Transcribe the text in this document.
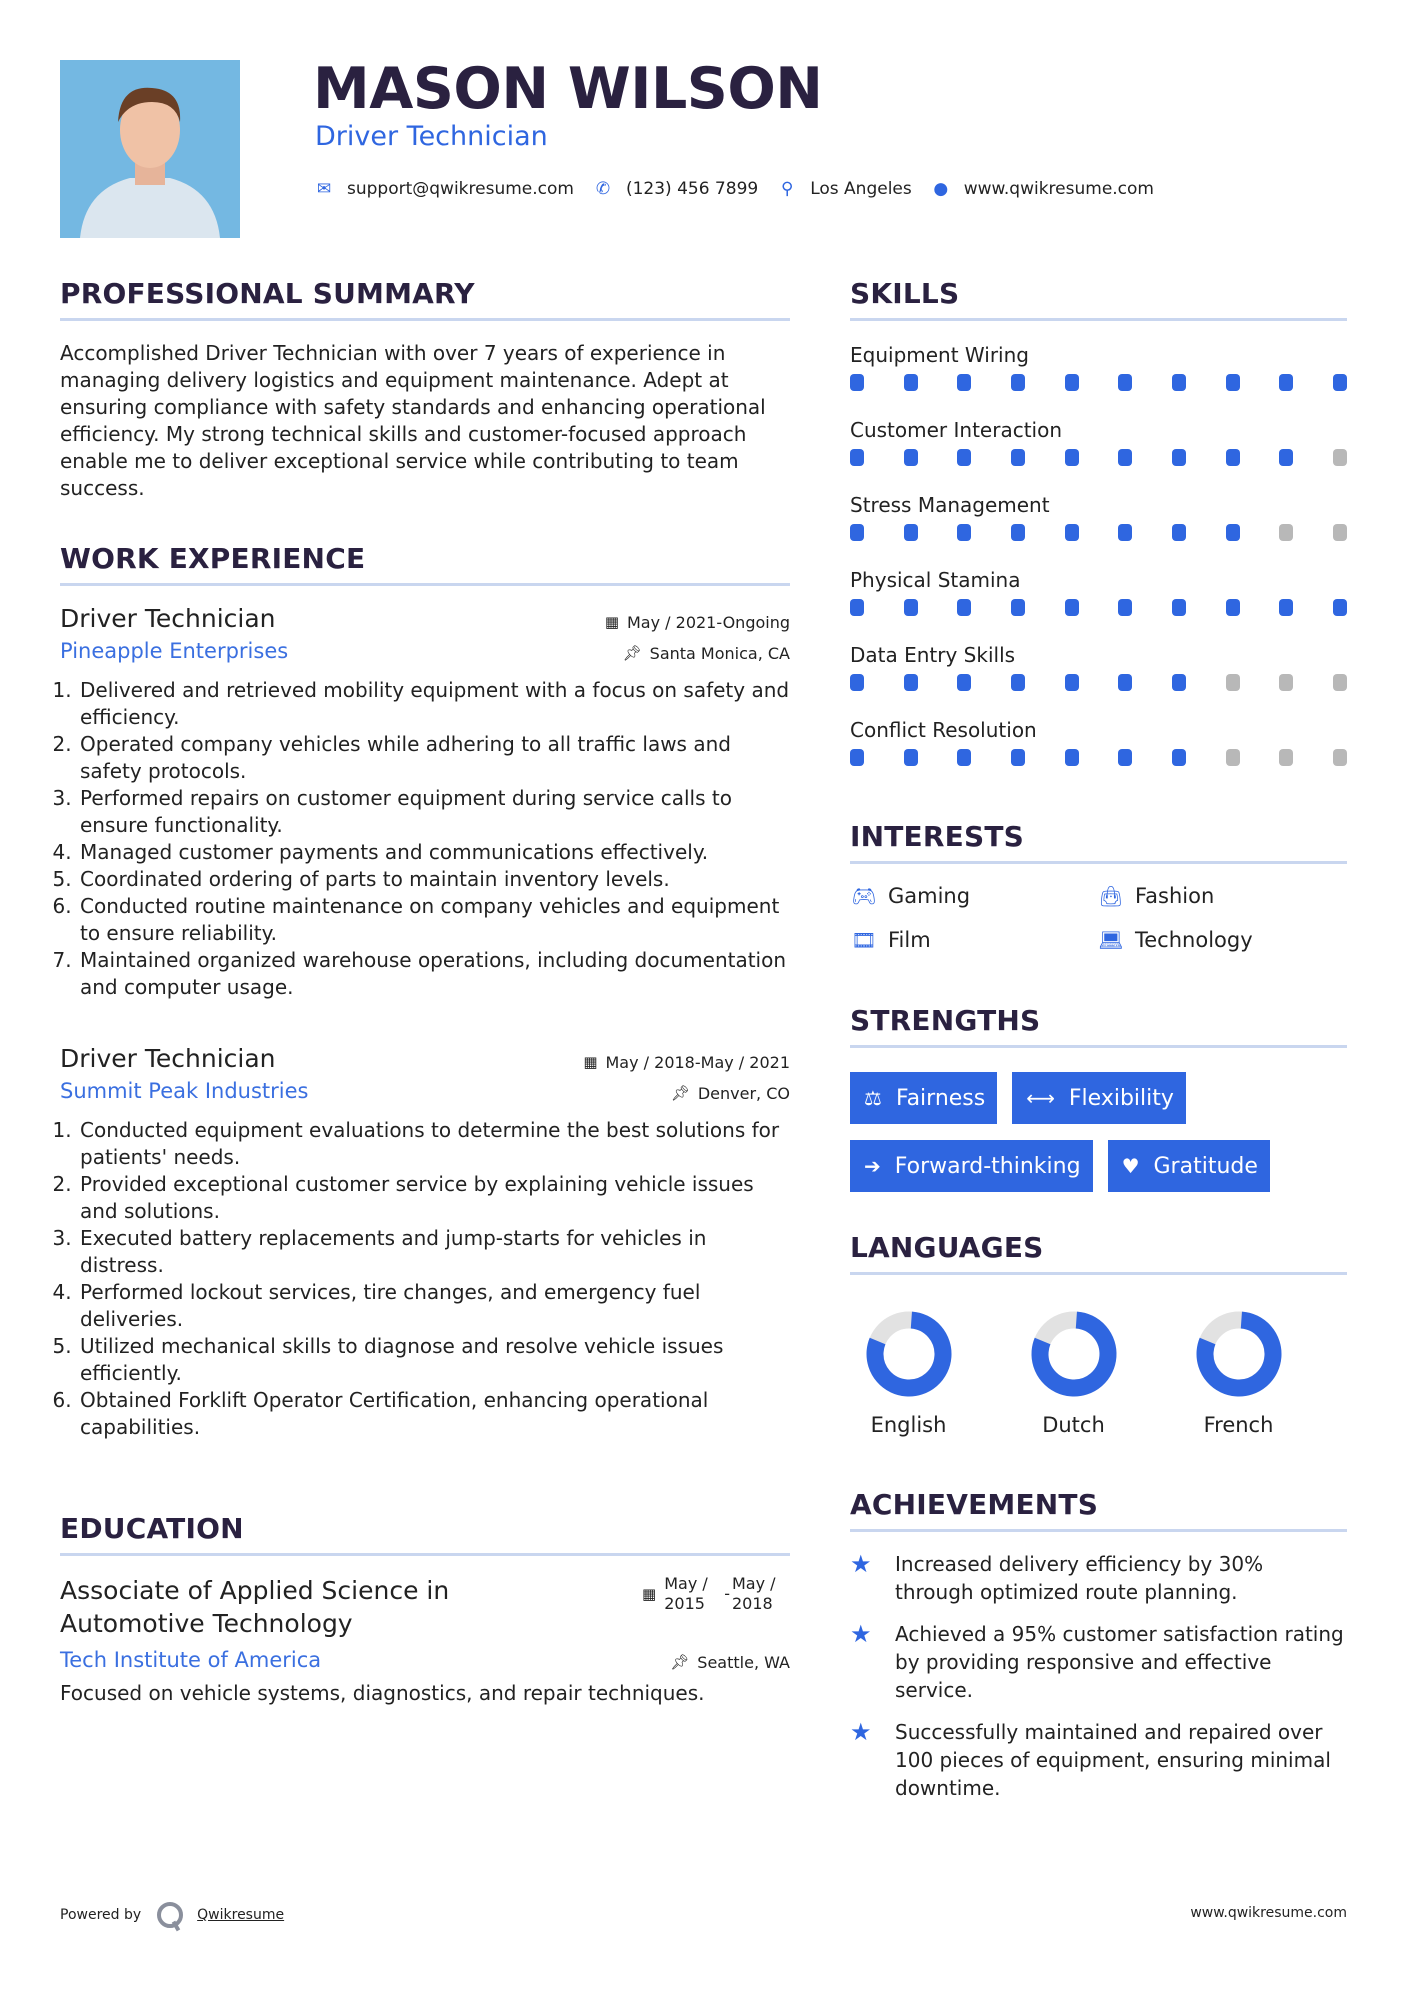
MASON WILSON
Driver Technician
✉ support@qwikresume.com ✆ (123) 456 7899 ⚲ Los Angeles ● www.qwikresume.com
PROFESSIONAL SUMMARY

Accomplished Driver Technician with over 7 years of experience in managing delivery logistics and equipment maintenance. Adept at ensuring compliance with safety standards and enhancing operational efficiency. My strong technical skills and customer-focused approach enable me to deliver exceptional service while contributing to team success.

WORK EXPERIENCE
Driver Technician	▦ May / 2021-Ongoing
Pineapple Enterprises	📌︎ Santa Monica, CA
1. Delivered and retrieved mobility equipment with a focus on safety and efficiency.
2. Operated company vehicles while adhering to all traffic laws and safety protocols.
3. Performed repairs on customer equipment during service calls to ensure functionality.
4. Managed customer payments and communications effectively.
5. Coordinated ordering of parts to maintain inventory levels.
6. Conducted routine maintenance on company vehicles and equipment to ensure reliability.
7. Maintained organized warehouse operations, including documentation and computer usage.
Driver Technician	▦ May / 2018-May / 2021
Summit Peak Industries	📌︎ Denver, CO
1. Conducted equipment evaluations to determine the best solutions for patients' needs.
2. Provided exceptional customer service by explaining vehicle issues and solutions.
3. Executed battery replacements and jump-starts for vehicles in distress.
4. Performed lockout services, tire changes, and emergency fuel deliveries.
5. Utilized mechanical skills to diagnose and resolve vehicle issues efficiently.
6. Obtained Forklift Operator Certification, enhancing operational capabilities.
EDUCATION
Associate of Applied Science in Automotive Technology
▦
May / 2015
-
May / 2018
Tech Institute of America	📌︎ Seattle, WA

Focused on vehicle systems, diagnostics, and repair techniques.

SKILLS
Equipment Wiring
Customer Interaction
Stress Management
Physical Stamina
Data Entry Skills
Conflict Resolution
INTERESTS
🎮︎ Gaming	👜︎ Fashion
🎞︎ Film	💻︎ Technology
STRENGTHS
⚖ Fairness ⟷ Flexibility
➔ Forward-thinking ♥ Gratitude
LANGUAGES
English	Dutch	French
ACHIEVEMENTS
★	Increased delivery efficiency by 30% through optimized route planning.
★	Achieved a 95% customer satisfaction rating by providing responsive and effective service.
★	Successfully maintained and repaired over 100 pieces of equipment, ensuring minimal downtime.
Powered by	Qwikresume	www.qwikresume.com
